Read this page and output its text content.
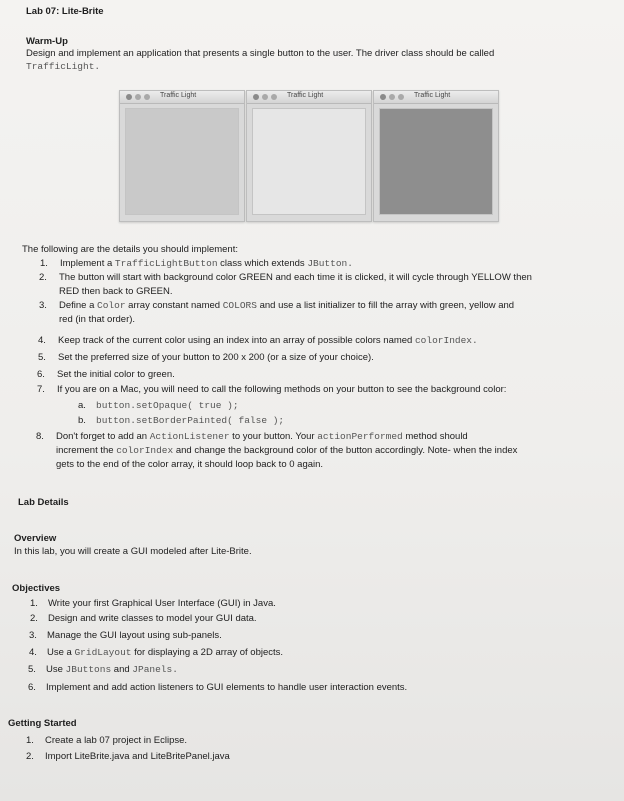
Lab 07: Lite-Brite
Warm-Up
Design and implement an application that presents a single button to the user. The driver class should be called
TrafficLight.
Traffic Light	Traffic Light	Traffic Light
The following are the details you should implement:
1. Implement a TrafficLightButton class which extends JButton.
2. The button will start with background color GREEN and each time it is clicked, it will cycle through YELLOW then
RED then back to GREEN.
3. Define a Color array constant named COLORS and use a list initializer to fill the array with green, yellow and
red (in that order).
4. Keep track of the current color using an index into an array of possible colors named colorIndex.
5. Set the preferred size of your button to 200 x 200 (or a size of your choice).
6. Set the initial color to green.
7. If you are on a Mac, you will need to call the following methods on your button to see the background color:
8. Don't forget to add an ActionListener to your button. Your actionPerformed method should
increment the colorIndex and change the background color of the button accordingly. Note- when the index
gets to the end of the color array, it should loop back to 0 again.
a. button.setOpaque( true );
b. button.setBorderPainted( false );
Lab Details
Overview
In this lab, you will create a GUI modeled after Lite-Brite.
Objectives
1. Write your first Graphical User Interface (GUI) in Java.
2. Design and write classes to model your GUI data.
3. Manage the GUI layout using sub-panels.
4. Use a GridLayout for displaying a 2D array of objects.
5. Use JButtons and JPanels.
6. Implement and add action listeners to GUI elements to handle user interaction events.
Getting Started
1. Create a lab 07 project in Eclipse.
2. Import LiteBrite.java and LiteBritePanel.java
